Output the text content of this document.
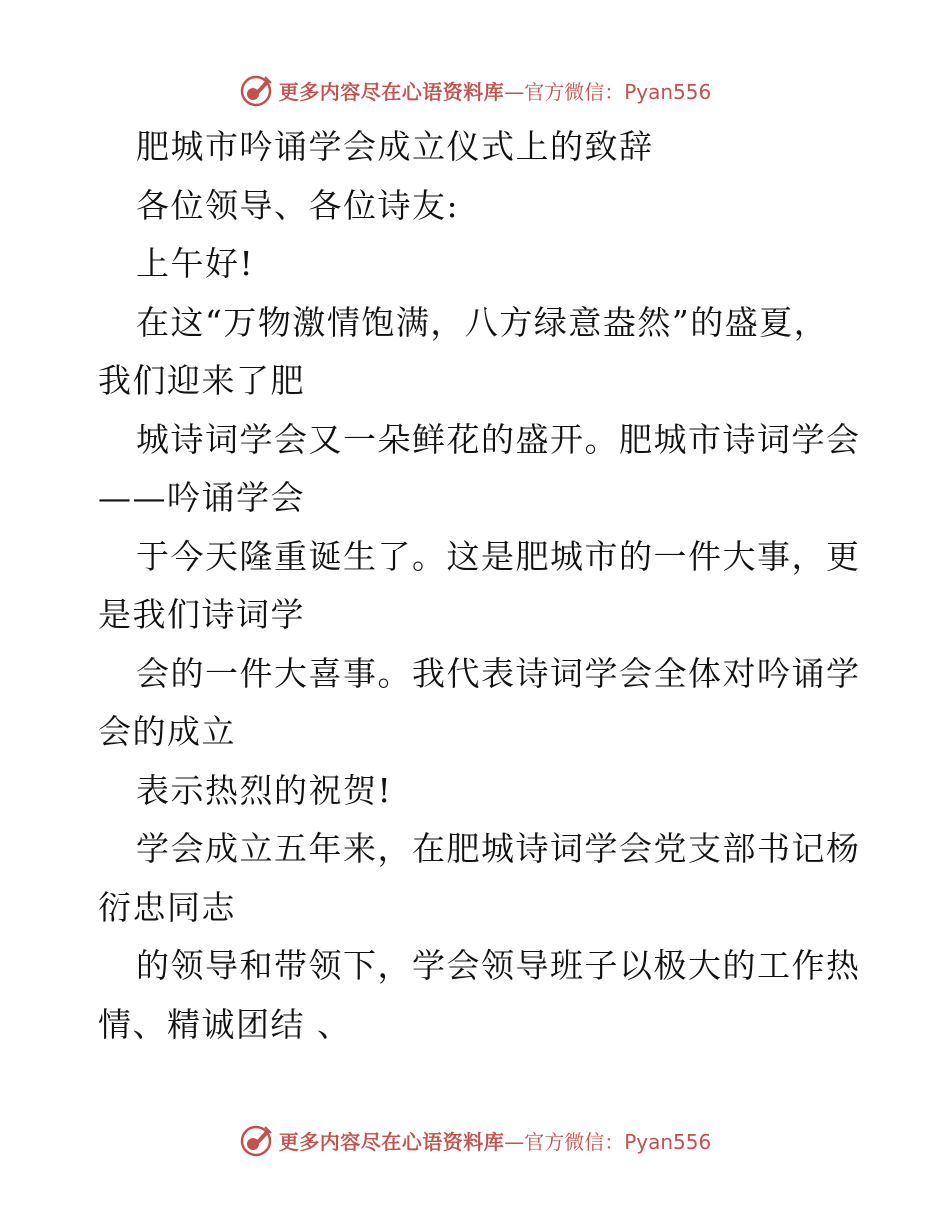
更多内容尽在心语资料库 —官方微信：Pyan556
肥城市吟诵学会成立仪式上的致辞
各位领导、各位诗友:
上午好!
在这“万物激情饱满，八方绿意盎然”的盛夏，
我们迎来了肥
城诗词学会又一朵鲜花的盛开。肥城市诗词学会
——吟诵学会
于今天隆重诞生了。这是肥城市的一件大事，更
是我们诗词学
会的一件大喜事。我代表诗词学会全体对吟诵学
会的成立
表示热烈的祝贺!
学会成立五年来，在肥城诗词学会党支部书记杨
衍忠同志
的领导和带领下，学会领导班子以极大的工作热
情、精诚团结 、
更多内容尽在心语资料库 —官方微信：Pyan556
